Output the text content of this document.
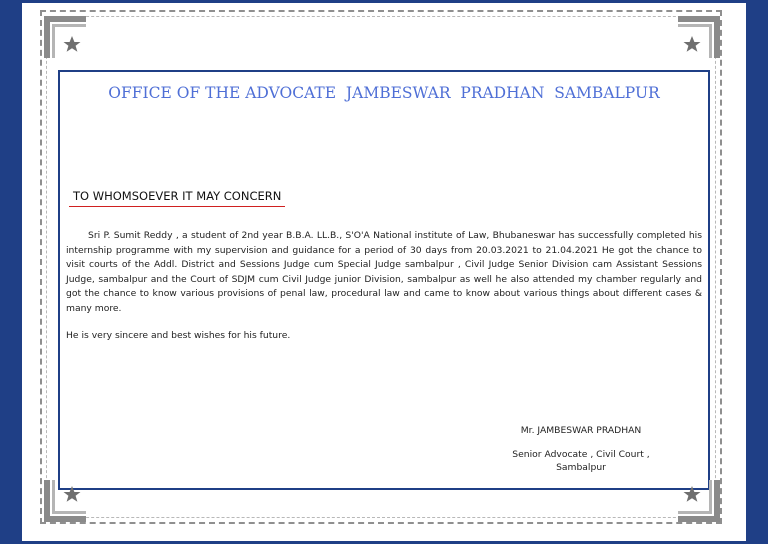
OFFICE OF THE ADVOCATE  JAMBESWAR  PRADHAN  SAMBALPUR
TO WHOMSOEVER IT MAY CONCERN

Sri P. Sumit Reddy , a student of 2nd year B.B.A. LL.B., S'O'A National institute of Law, Bhubaneswar has successfully completed his internship programme with my supervision and guidance for a period of 30 days from 20.03.2021 to 21.04.2021 He got the chance to visit courts of the Addl. District and Sessions Judge cum Special Judge sambalpur , Civil Judge Senior Division cam Assistant Sessions Judge, sambalpur and the Court of SDJM cum Civil Judge junior Division, sambalpur as well he also attended my chamber regularly and got the chance to know various provisions of penal law, procedural law and came to know about various things about different cases & many more.

He is very sincere and best wishes for his future.

Mr. JAMBESWAR PRADHAN
Senior Advocate , Civil Court ,
Sambalpur
